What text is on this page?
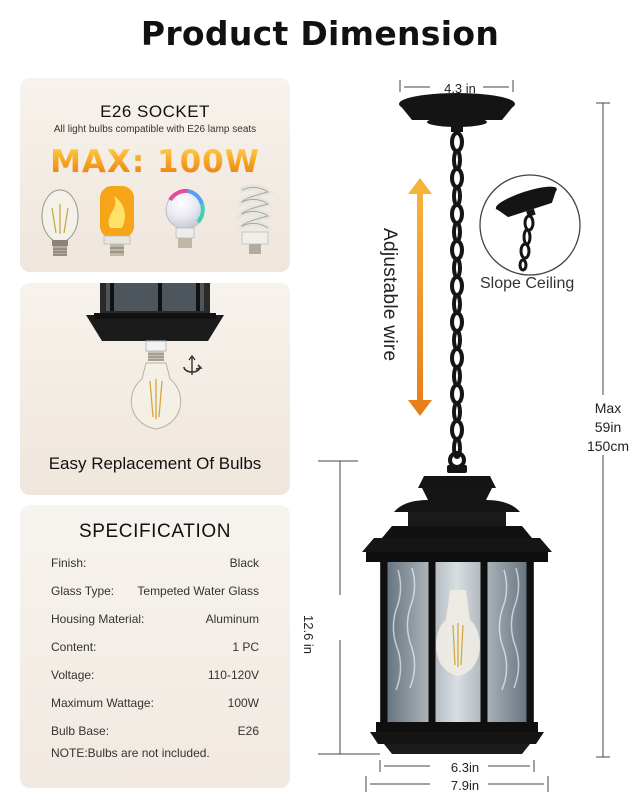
Product Dimension
E26 SOCKET
All light bulbs compatible with E26 lamp seats
MAX: 100W
Easy Replacement Of Bulbs
SPECIFICATION
Finish:	Black
Glass Type: Tempeted Water Glass
Housing Material:	Aluminum
Content:	1 PC
Voltage:	110-120V
Maximum Wattage:	100W
Bulb Base:	E26
NOTE:Bulbs are not included.
4.3 in
Adjustable wire	Slope Ceiling
Max
59in
150cm
12.6 in
6.3in
7.9in
